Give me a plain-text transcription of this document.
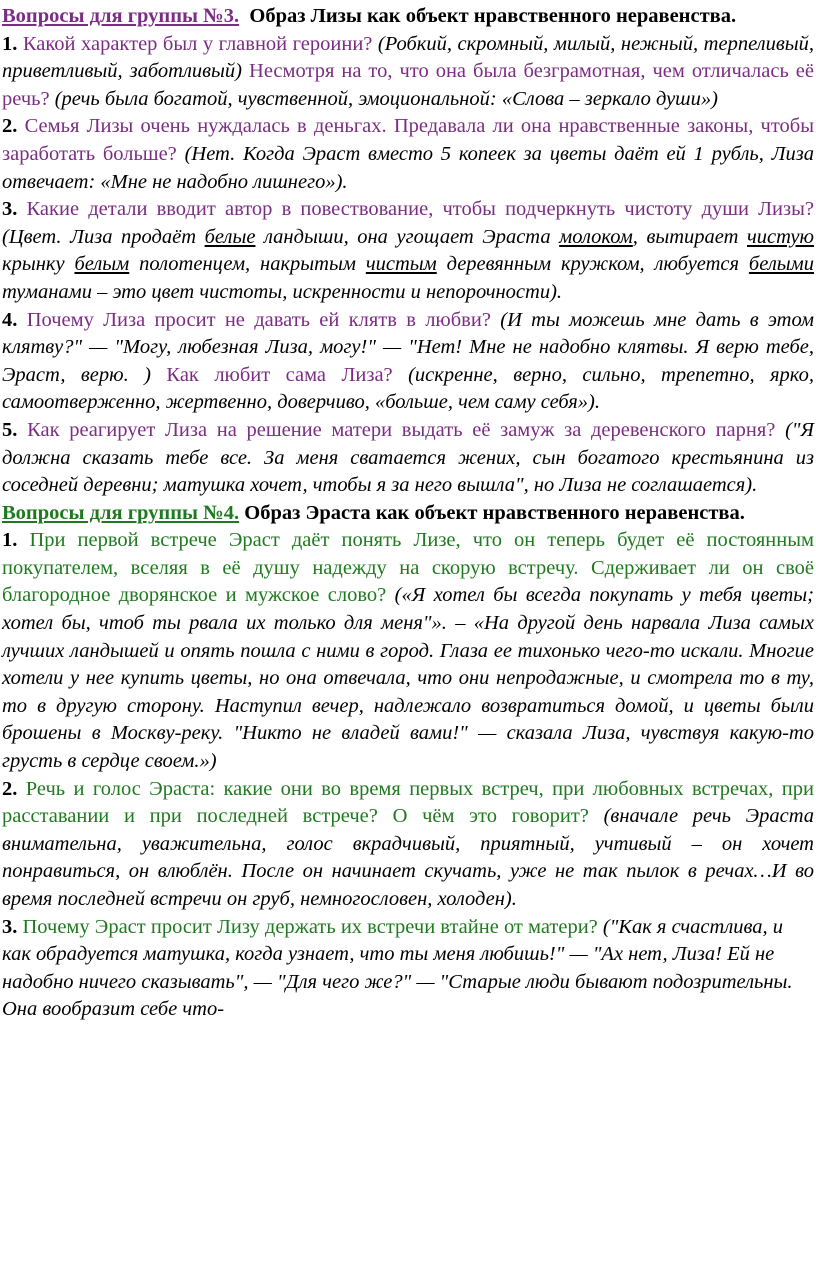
Вопросы для группы №3. Образ Лизы как объект нравственного неравенства.

1. Какой характер был у главной героини? (Робкий, скромный, милый, нежный, терпеливый, приветливый, заботливый) Несмотря на то, что она была безграмотная, чем отличалась её речь? (речь была богатой, чувственной, эмоциональной: «Слова – зеркало души»)

2. Семья Лизы очень нуждалась в деньгах. Предавала ли она нравственные законы, чтобы заработать больше? (Нет. Когда Эраст вместо 5 копеек за цветы даёт ей 1 рубль, Лиза отвечает: «Мне не надобно лишнего»).

3. Какие детали вводит автор в повествование, чтобы подчеркнуть чистоту души Лизы? (Цвет. Лиза продаёт белые ландыши, она угощает Эраста молоком, вытирает чистую крынку белым полотенцем, накрытым чистым деревянным кружком, любуется белыми туманами – это цвет чистоты, искренности и непорочности).

4. Почему Лиза просит не давать ей клятв в любви? (И ты можешь мне дать в этом клятву?" — "Могу, любезная Лиза, могу!" — "Нет! Мне не надобно клятвы. Я верю тебе, Эраст, верю. ) Как любит сама Лиза? (искренне, верно, сильно, трепетно, ярко, самоотверженно, жертвенно, доверчиво, «больше, чем саму себя»).

5. Как реагирует Лиза на решение матери выдать её замуж за деревенского парня? ("Я должна сказать тебе все. За меня сватается жених, сын богатого крестьянина из соседней деревни; матушка хочет, чтобы я за него вышла", но Лиза не соглашается).

Вопросы для группы №4. Образ Эраста как объект нравственного неравенства.

1. При первой встрече Эраст даёт понять Лизе, что он теперь будет её постоянным покупателем, вселяя в её душу надежду на скорую встречу. Сдерживает ли он своё благородное дворянское и мужское слово? («Я хотел бы всегда покупать у тебя цветы; хотел бы, чтоб ты рвала их только для меня"». – «На другой день нарвала Лиза самых лучших ландышей и опять пошла с ними в город. Глаза ее тихонько чего-то искали. Многие хотели у нее купить цветы, но она отвечала, что они непродажные, и смотрела то в ту, то в другую сторону. Наступил вечер, надлежало возвратиться домой, и цветы были брошены в Москву-реку. "Никто не владей вами!" — сказала Лиза, чувствуя какую-то грусть в сердце своем.»)

2. Речь и голос Эраста: какие они во время первых встреч, при любовных встречах, при расставании и при последней встрече? О чём это говорит? (вначале речь Эраста внимательна, уважительна, голос вкрадчивый, приятный, учтивый – он хочет понравиться, он влюблён. После он начинает скучать, уже не так пылок в речах…И во время последней встречи он груб, немногословен, холоден).

3. Почему Эраст просит Лизу держать их встречи втайне от матери? ("Как я счастлива, и как обрадуется матушка, когда узнает, что ты меня любишь!" — "Ах нет, Лиза! Ей не надобно ничего сказывать", — "Для чего же?" — "Старые люди бывают подозрительны. Она вообразит себе что-
